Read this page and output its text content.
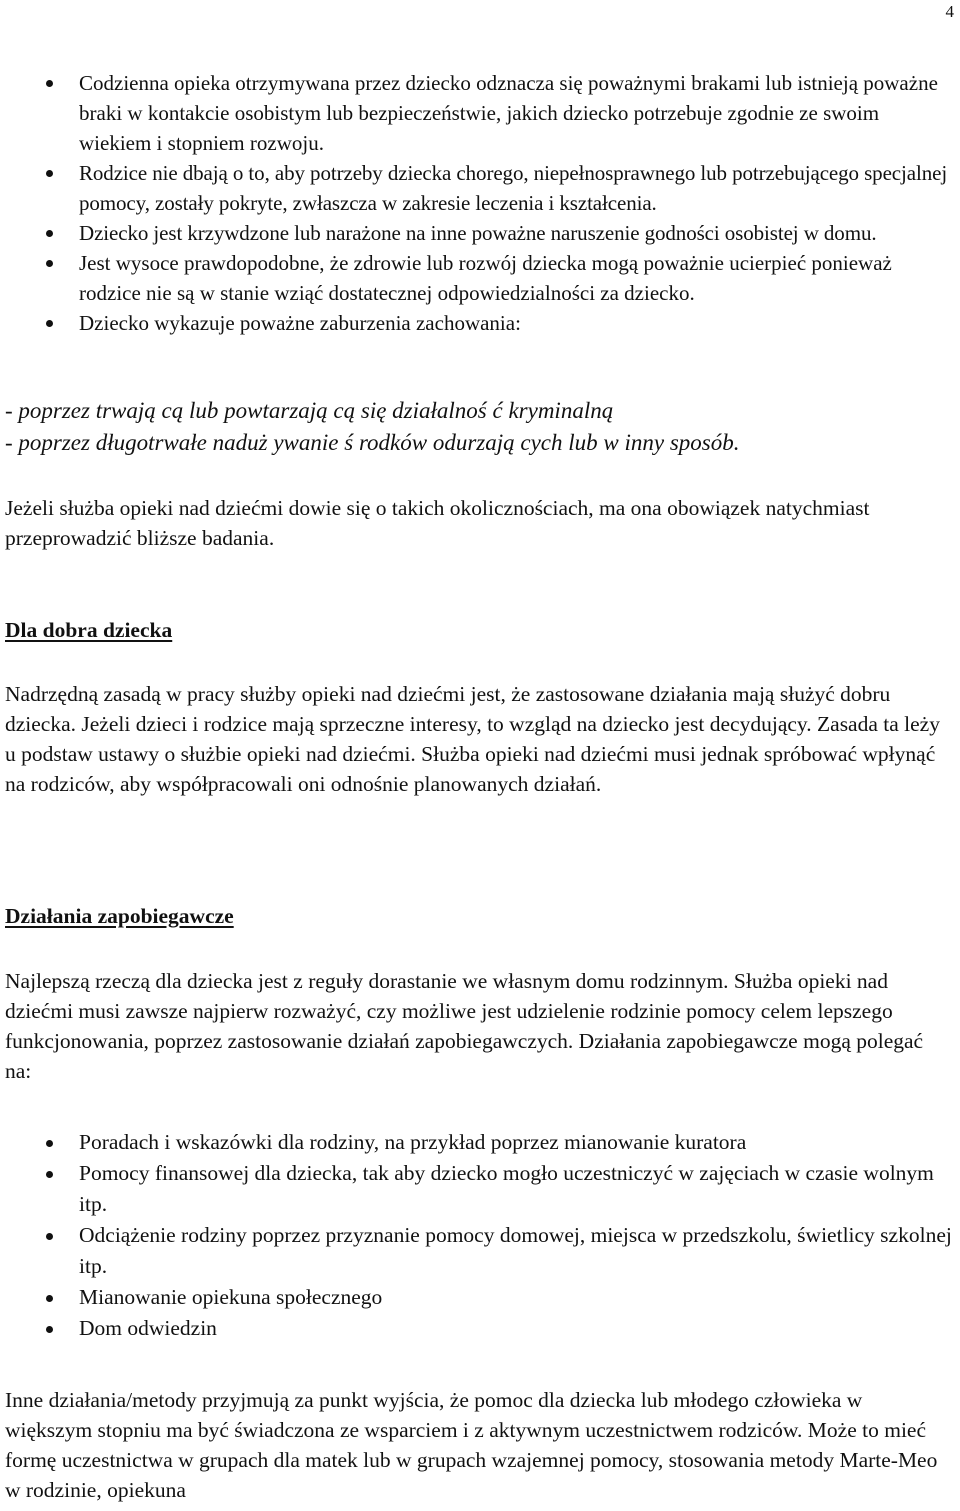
4
Codzienna opieka otrzymywana przez dziecko odznacza się poważnymi brakami lub istnieją poważne braki w kontakcie osobistym lub bezpieczeństwie, jakich dziecko potrzebuje zgodnie ze swoim wiekiem i stopniem rozwoju.
Rodzice nie dbają o to, aby potrzeby dziecka chorego, niepełnosprawnego lub potrzebującego specjalnej pomocy, zostały pokryte, zwłaszcza w zakresie leczenia i kształcenia.
Dziecko jest krzywdzone lub narażone na inne poważne naruszenie godności osobistej w domu.
Jest wysoce prawdopodobne, że zdrowie lub rozwój dziecka mogą poważnie ucierpieć ponieważ rodzice nie są w stanie wziąć dostatecznej odpowiedzialności za dziecko.
Dziecko wykazuje poważne zaburzenia zachowania:
- poprzez trwają cą lub powtarzają cą się działalnoś ć kryminalną
- poprzez długotrwałe naduż ywanie ś rodków odurzają cych lub w inny sposób.

Jeżeli służba opieki nad dziećmi dowie się o takich okolicznościach, ma ona obowiązek natychmiast przeprowadzić bliższe badania.

Dla dobra dziecka

Nadrzędną zasadą w pracy służby opieki nad dziećmi jest, że zastosowane działania mają służyć dobru dziecka. Jeżeli dzieci i rodzice mają sprzeczne interesy, to wzgląd na dziecko jest decydujący. Zasada ta leży u podstaw ustawy o służbie opieki nad dziećmi. Służba opieki nad dziećmi musi jednak spróbować wpłynąć na rodziców, aby współpracowali oni odnośnie planowanych działań.

Działania zapobiegawcze

Najlepszą rzeczą dla dziecka jest z reguły dorastanie we własnym domu rodzinnym. Służba opieki nad dziećmi musi zawsze najpierw rozważyć, czy możliwe jest udzielenie rodzinie pomocy celem lepszego funkcjonowania, poprzez zastosowanie działań zapobiegawczych. Działania zapobiegawcze mogą polegać na:

Poradach i wskazówki dla rodziny, na przykład poprzez mianowanie kuratora
Pomocy finansowej dla dziecka, tak aby dziecko mogło uczestniczyć w zajęciach w czasie wolnym itp.
Odciążenie rodziny poprzez przyznanie pomocy domowej, miejsca w przedszkolu, świetlicy szkolnej itp.
Mianowanie opiekuna społecznego
Dom odwiedzin

Inne działania/metody przyjmują za punkt wyjścia, że pomoc dla dziecka lub młodego człowieka w większym stopniu ma być świadczona ze wsparciem i z aktywnym uczestnictwem rodziców. Może to mieć formę uczestnictwa w grupach dla matek lub w grupach wzajemnej pomocy, stosowania metody Marte-Meo w rodzinie, opiekuna
